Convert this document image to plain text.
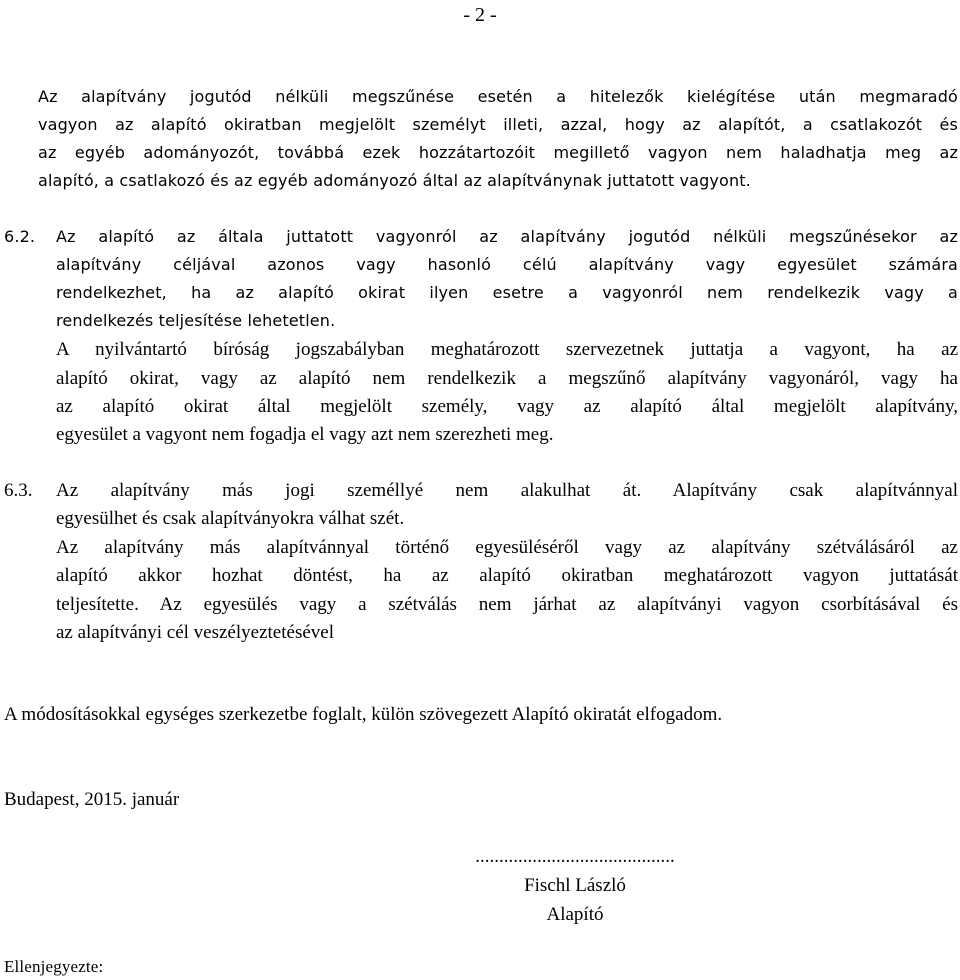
- 2 -
Az alapítvány jogutód nélküli megszűnése esetén a hitelezők kielégítése után megmaradó
vagyon az alapító okiratban megjelölt személyt illeti, azzal, hogy az alapítót, a csatlakozót és
az egyéb adományozót, továbbá ezek hozzátartozóit megillető vagyon nem haladhatja meg az
alapító, a csatlakozó és az egyéb adományozó által az alapítványnak juttatott vagyont.
6.2. Az alapító az általa juttatott vagyonról az alapítvány jogutód nélküli megszűnésekor az
alapítvány céljával azonos vagy hasonló célú alapítvány vagy egyesület számára
rendelkezhet, ha az alapító okirat ilyen esetre a vagyonról nem rendelkezik vagy a
rendelkezés teljesítése lehetetlen.
A nyilvántartó bíróság jogszabályban meghatározott szervezetnek juttatja a vagyont, ha az
alapító okirat, vagy az alapító nem rendelkezik a megszűnő alapítvány vagyonáról, vagy ha
az alapító okirat által megjelölt személy, vagy az alapító által megjelölt alapítvány,
egyesület a vagyont nem fogadja el vagy azt nem szerezheti meg.
6.3. Az alapítvány más jogi személlyé nem alakulhat át. Alapítvány csak alapítvánnyal
egyesülhet és csak alapítványokra válhat szét.
Az alapítvány más alapítvánnyal történő egyesüléséről vagy az alapítvány szétválásáról az
alapító akkor hozhat döntést, ha az alapító okiratban meghatározott vagyon juttatását
teljesítette. Az egyesülés vagy a szétválás nem járhat az alapítványi vagyon csorbításával és
az alapítványi cél veszélyeztetésével
A módosításokkal egységes szerkezetbe foglalt, külön szövegezett Alapító okiratát elfogadom.
Budapest, 2015. január
..........................................
Fischl László
Alapító
Ellenjegyezte:
